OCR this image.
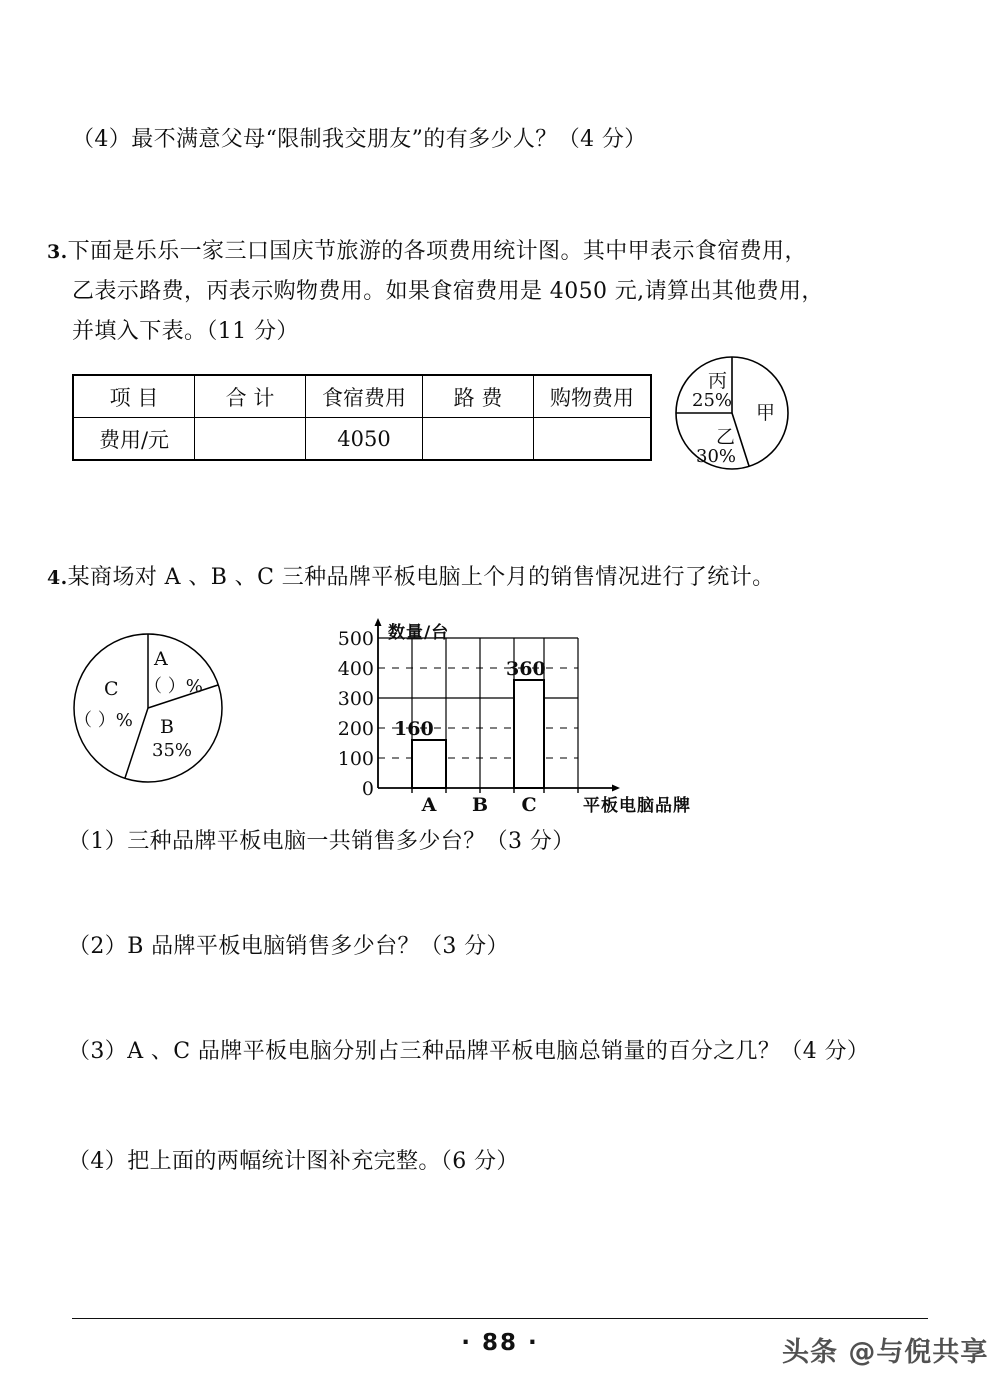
（4）最不满意父母“限制我交朋友”的有多少人？（4 分）
3.下面是乐乐一家三口国庆节旅游的各项费用统计图。其中甲表示食宿费用，
乙表示路费，丙表示购物费用。如果食宿费用是 4050 元,请算出其他费用，
并填入下表。（11 分）
项 目	合 计	食宿费用	路 费	购物费用
费用/元		4050		
丙
25%
乙
30%
甲
4.某商场对 A 、B 、C 三种品牌平板电脑上个月的销售情况进行了统计。
A
（ ）%
B
35%
C
（ ）%
数量/台
平板电脑品牌
0
100
200
300
400
500
160
360
A	B	C
（1）三种品牌平板电脑一共销售多少台？（3 分）
（2）B 品牌平板电脑销售多少台？（3 分）
（3）A 、C 品牌平板电脑分别占三种品牌平板电脑总销量的百分之几？（4 分）
（4）把上面的两幅统计图补充完整。（6 分）
· 88 ·	头条 @与倪共享
